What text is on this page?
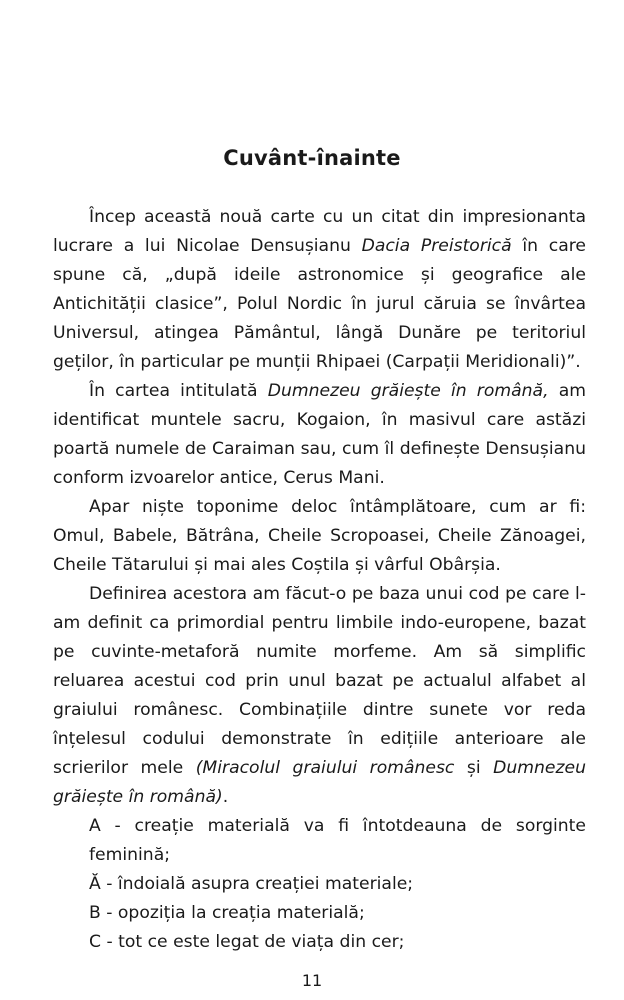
Cuvânt-înainte

Încep această nouă carte cu un citat din impresionanta lucrare a lui Nicolae Densușianu Dacia Preistorică în care spune că, „după ideile astronomice și geografice ale Antichității clasice”, Polul Nordic în jurul căruia se învârtea Universul, atingea Pământul, lângă Dunăre pe teritoriul geților, în particular pe munții Rhipaei (Carpații Meridionali)”.

În cartea intitulată Dumnezeu grăiește în română, am identificat muntele sacru, Kogaion, în masivul care astăzi poartă numele de Caraiman sau, cum îl definește Densușianu conform izvoarelor antice, Cerus Mani.

Apar niște toponime deloc întâmplătoare, cum ar fi: Omul, Babele, Bătrâna, Cheile Scropoasei, Cheile Zănoagei, Cheile Tătarului și mai ales Coștila și vârful Obârșia.

Definirea acestora am făcut-o pe baza unui cod pe care l-am definit ca primordial pentru limbile indo-europene, bazat pe cuvinte-metaforă numite morfeme. Am să simplific reluarea acestui cod prin unul bazat pe actualul alfabet al graiului românesc. Combinațiile dintre sunete vor reda înțelesul codului demonstrate în edițiile anterioare ale scrierilor mele (Miracolul graiului românesc și Dumnezeu grăiește în română).

A - creație materială va fi întotdeauna de sorginte feminină;
Ă - îndoială asupra creației materiale;
B - opoziția la creația materială;
C - tot ce este legat de viața din cer;
11
